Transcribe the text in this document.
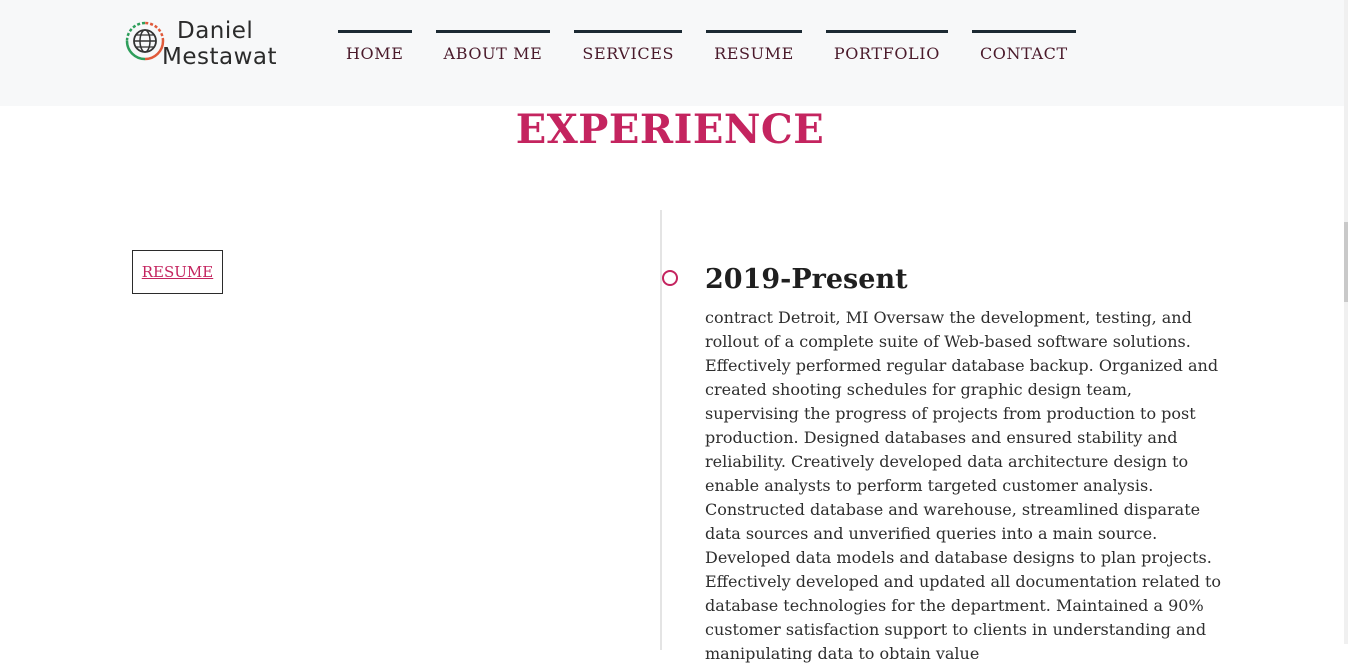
Daniel
Mestawat	HOME	ABOUT ME	SERVICES	RESUME	PORTFOLIO	CONTACT
EXPERIENCE
RESUME	2019-Present

contract Detroit, MI Oversaw the development, testing, and rollout of a complete suite of Web-based software solutions. Effectively performed regular database backup. Organized and created shooting schedules for graphic design team, supervising the progress of projects from production to post production. Designed databases and ensured stability and reliability. Creatively developed data architecture design to enable analysts to perform targeted customer analysis. Constructed database and warehouse, streamlined disparate data sources and unverified queries into a main source. Developed data models and database designs to plan projects. Effectively developed and updated all documentation related to database technologies for the department. Maintained a 90% customer satisfaction support to clients in understanding and manipulating data to obtain value
